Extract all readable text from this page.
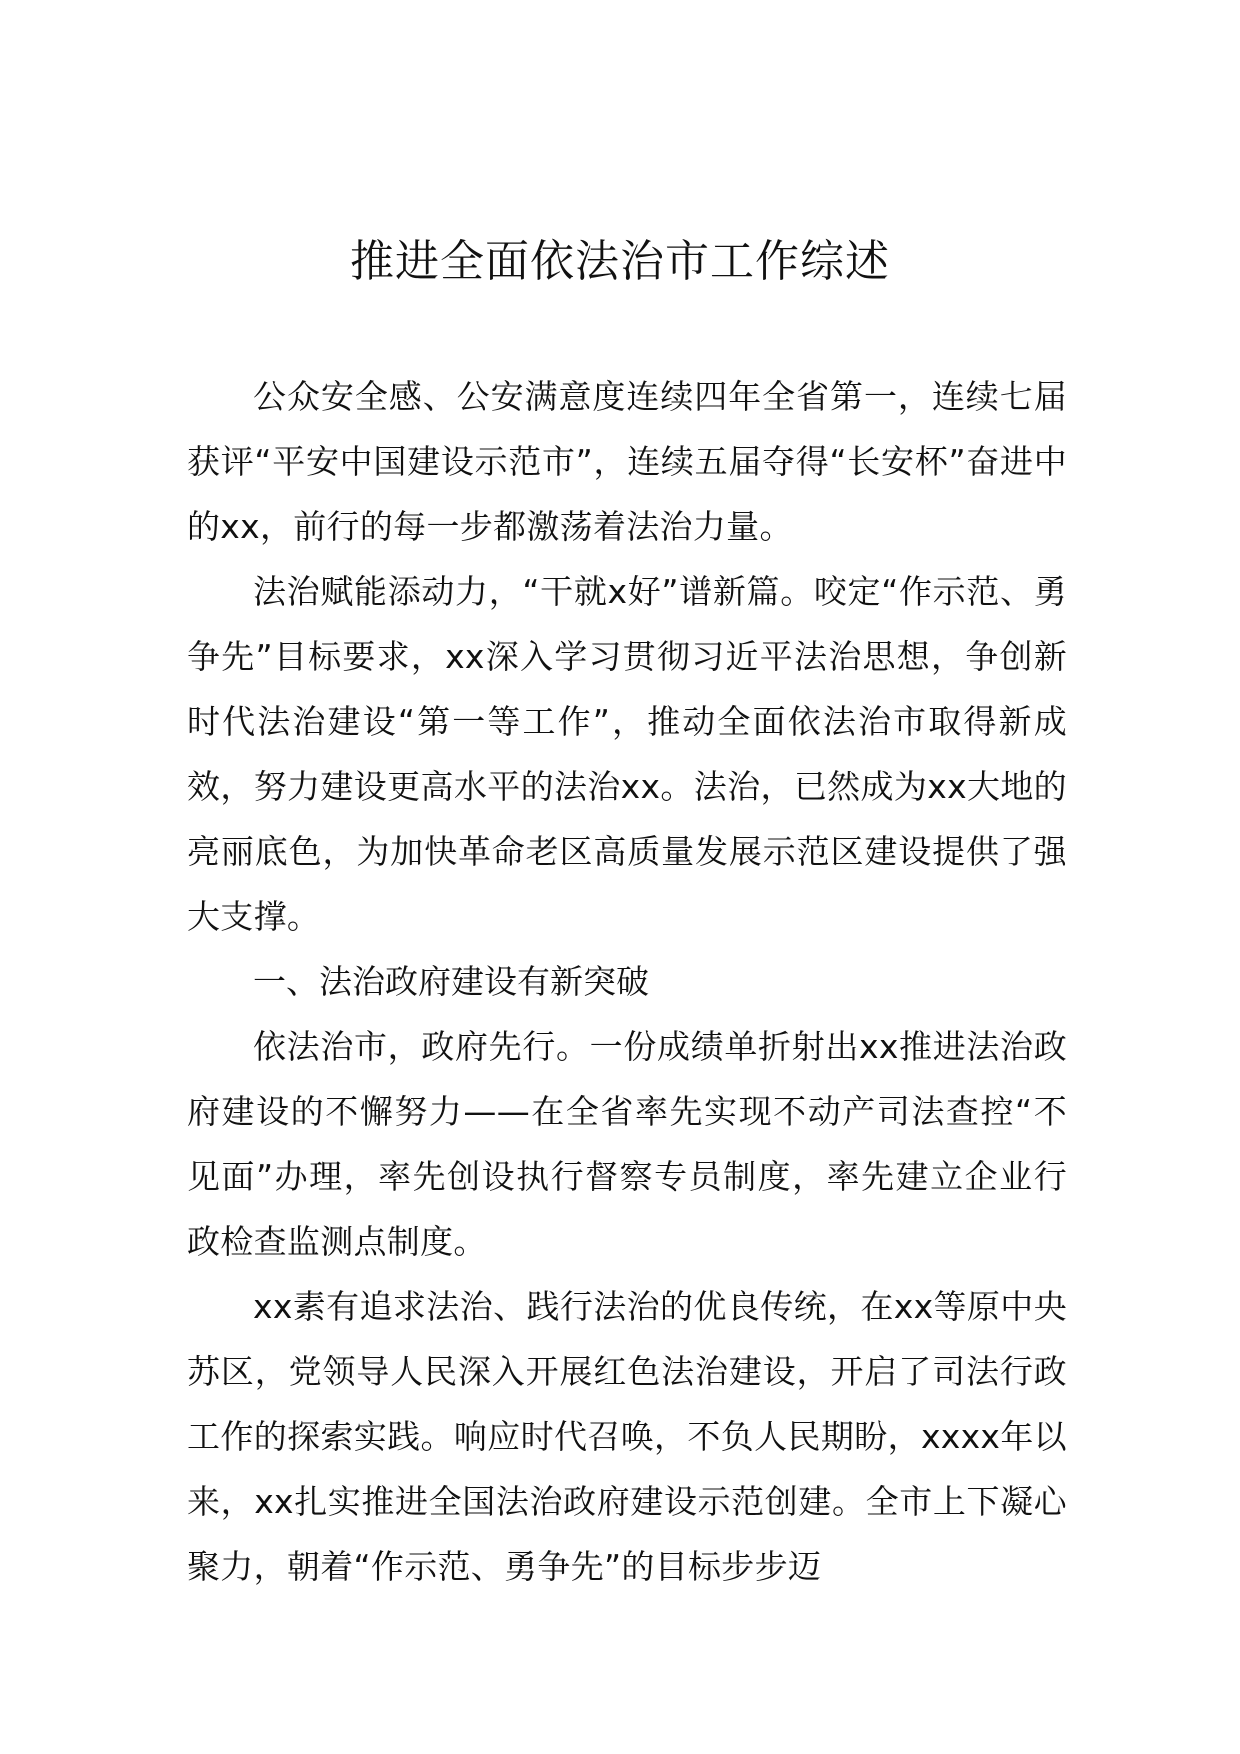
推进全面依法治市工作综述

公众安全感、公安满意度连续四年全省第一，连续七届获评“平安中国建设示范市”，连续五届夺得“长安杯”奋进中的xx，前行的每一步都激荡着法治力量。

法治赋能添动力，“干就x好”谱新篇。咬定“作示范、勇争先”目标要求，xx深入学习贯彻习近平法治思想，争创新时代法治建设“第一等工作”，推动全面依法治市取得新成效，努力建设更高水平的法治xx。法治，已然成为xx大地的亮丽底色，为加快革命老区高质量发展示范区建设提供了强大支撑。

一、法治政府建设有新突破

依法治市，政府先行。一份成绩单折射出xx推进法治政府建设的不懈努力——在全省率先实现不动产司法查控“不见面”办理，率先创设执行督察专员制度，率先建立企业行政检查监测点制度。

xx素有追求法治、践行法治的优良传统，在xx等原中央苏区，党领导人民深入开展红色法治建设，开启了司法行政工作的探索实践。响应时代召唤，不负人民期盼，xxxx年以来，xx扎实推进全国法治政府建设示范创建。全市上下凝心聚力，朝着“作示范、勇争先”的目标步步迈
